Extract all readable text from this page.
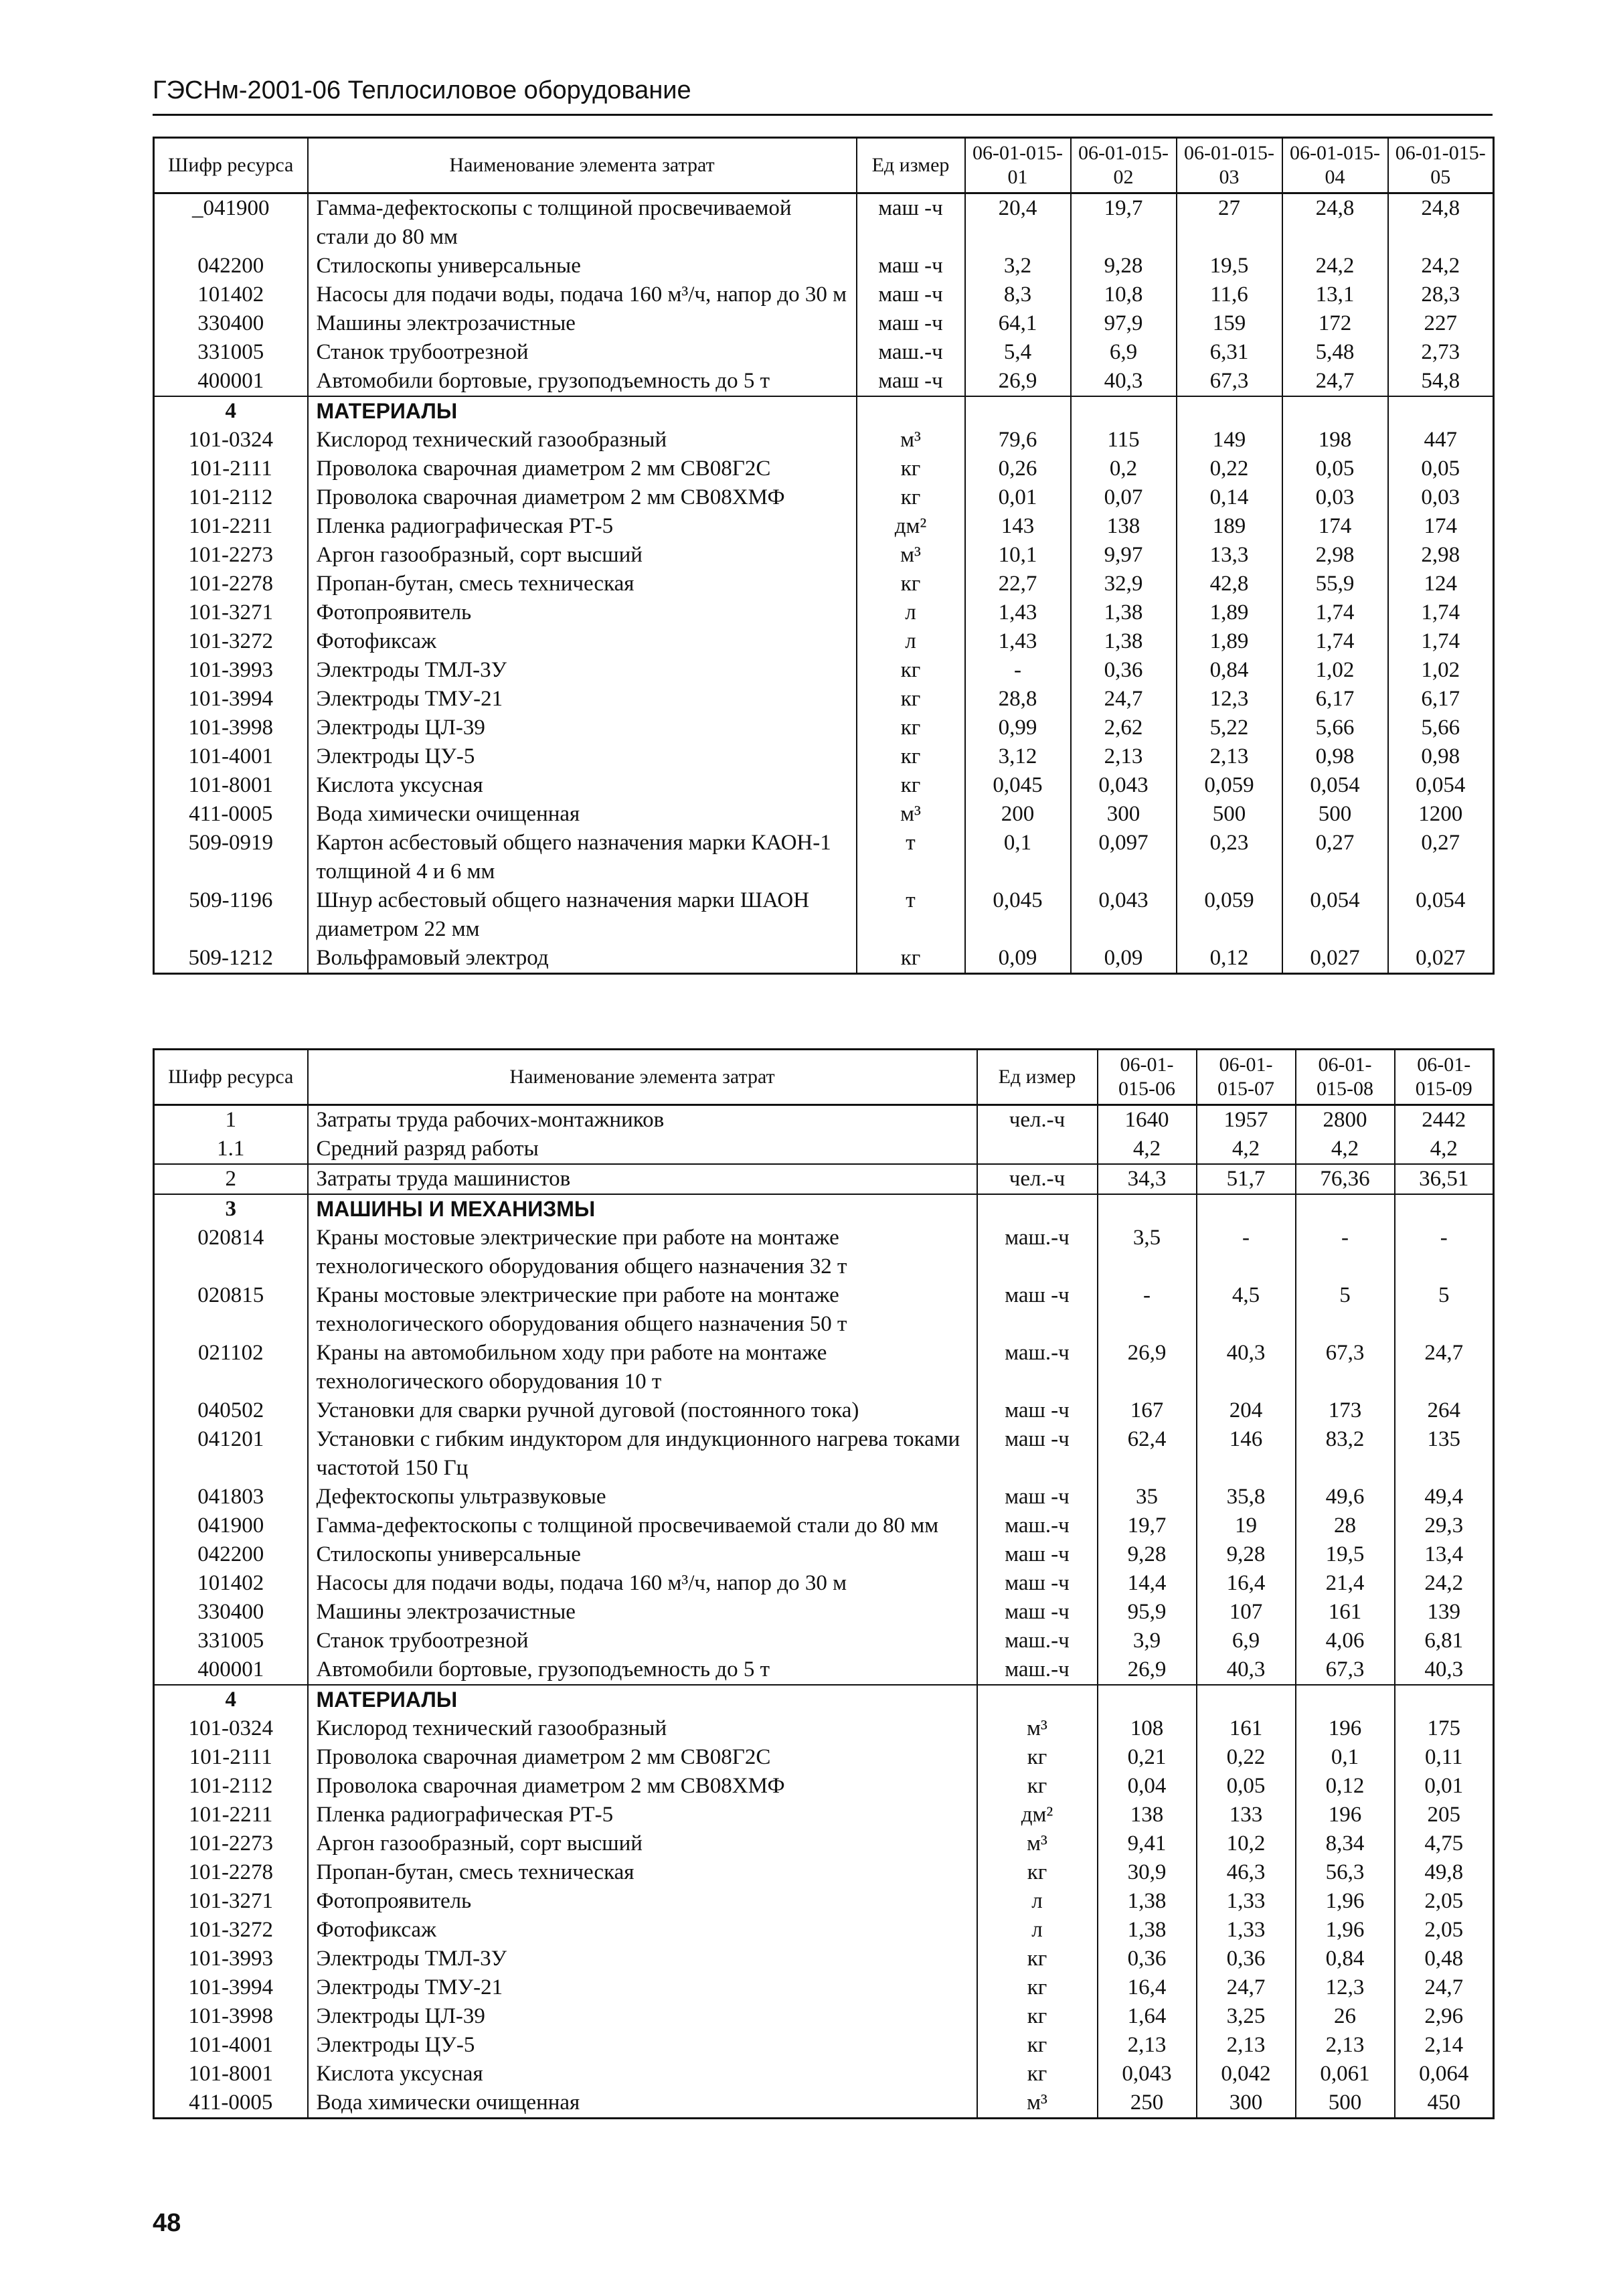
ГЭСНм-2001-06 Теплосиловое оборудование
Шифр ресурса	Наименование элемента затрат	Ед измер	06-01-015-01	06-01-015-02	06-01-015-03	06-01-015-04	06-01-015-05
_041900	Гамма-дефектоскопы с толщиной просвечиваемой стали до 80 мм	маш -ч	20,4	19,7	27	24,8	24,8
042200	Стилоскопы универсальные	маш -ч	3,2	9,28	19,5	24,2	24,2
101402	Насосы для подачи воды, подача 160 м³/ч, напор до 30 м	маш -ч	8,3	10,8	11,6	13,1	28,3
330400	Машины электрозачистные	маш -ч	64,1	97,9	159	172	227
331005	Станок трубоотрезной	маш.-ч	5,4	6,9	6,31	5,48	2,73
400001	Автомобили бортовые, грузоподъемность до 5 т	маш -ч	26,9	40,3	67,3	24,7	54,8
4	МАТЕРИАЛЫ						
101-0324	Кислород технический газообразный	м³	79,6	115	149	198	447
101-2111	Проволока сварочная диаметром 2 мм СВ08Г2С	кг	0,26	0,2	0,22	0,05	0,05
101-2112	Проволока сварочная диаметром 2 мм СВ08ХМФ	кг	0,01	0,07	0,14	0,03	0,03
101-2211	Пленка радиографическая РТ-5	дм²	143	138	189	174	174
101-2273	Аргон газообразный, сорт высший	м³	10,1	9,97	13,3	2,98	2,98
101-2278	Пропан-бутан, смесь техническая	кг	22,7	32,9	42,8	55,9	124
101-3271	Фотопроявитель	л	1,43	1,38	1,89	1,74	1,74
101-3272	Фотофиксаж	л	1,43	1,38	1,89	1,74	1,74
101-3993	Электроды ТМЛ-3У	кг	-	0,36	0,84	1,02	1,02
101-3994	Электроды ТМУ-21	кг	28,8	24,7	12,3	6,17	6,17
101-3998	Электроды ЦЛ-39	кг	0,99	2,62	5,22	5,66	5,66
101-4001	Электроды ЦУ-5	кг	3,12	2,13	2,13	0,98	0,98
101-8001	Кислота уксусная	кг	0,045	0,043	0,059	0,054	0,054
411-0005	Вода химически очищенная	м³	200	300	500	500	1200
509-0919	Картон асбестовый общего назначения марки КАОН-1 толщиной 4 и 6 мм	т	0,1	0,097	0,23	0,27	0,27
509-1196	Шнур асбестовый общего назначения марки ШАОН диаметром 22 мм	т	0,045	0,043	0,059	0,054	0,054
509-1212	Вольфрамовый электрод	кг	0,09	0,09	0,12	0,027	0,027
Шифр ресурса	Наименование элемента затрат	Ед измер	06-01-015-06	06-01-015-07	06-01-015-08	06-01-015-09
1	Затраты труда рабочих-монтажников	чел.-ч	1640	1957	2800	2442
1.1	Средний разряд работы		4,2	4,2	4,2	4,2
2	Затраты труда машинистов	чел.-ч	34,3	51,7	76,36	36,51
3	МАШИНЫ И МЕХАНИЗМЫ					
020814	Краны мостовые электрические при работе на монтаже технологического оборудования общего назначения 32 т	маш.-ч	3,5	-	-	-
020815	Краны мостовые электрические при работе на монтаже технологического оборудования общего назначения 50 т	маш -ч	-	4,5	5	5
021102	Краны на автомобильном ходу при работе на монтаже технологического оборудования 10 т	маш.-ч	26,9	40,3	67,3	24,7
040502	Установки для сварки ручной дуговой (постоянного тока)	маш -ч	167	204	173	264
041201	Установки с гибким индуктором для индукционного нагрева токами частотой 150 Гц	маш -ч	62,4	146	83,2	135
041803	Дефектоскопы ультразвуковые	маш -ч	35	35,8	49,6	49,4
041900	Гамма-дефектоскопы с толщиной просвечиваемой стали до 80 мм	маш.-ч	19,7	19	28	29,3
042200	Стилоскопы универсальные	маш -ч	9,28	9,28	19,5	13,4
101402	Насосы для подачи воды, подача 160 м³/ч, напор до 30 м	маш -ч	14,4	16,4	21,4	24,2
330400	Машины электрозачистные	маш -ч	95,9	107	161	139
331005	Станок трубоотрезной	маш.-ч	3,9	6,9	4,06	6,81
400001	Автомобили бортовые, грузоподъемность до 5 т	маш.-ч	26,9	40,3	67,3	40,3
4	МАТЕРИАЛЫ					
101-0324	Кислород технический газообразный	м³	108	161	196	175
101-2111	Проволока сварочная диаметром 2 мм СВ08Г2С	кг	0,21	0,22	0,1	0,11
101-2112	Проволока сварочная диаметром 2 мм СВ08ХМФ	кг	0,04	0,05	0,12	0,01
101-2211	Пленка радиографическая РТ-5	дм²	138	133	196	205
101-2273	Аргон газообразный, сорт высший	м³	9,41	10,2	8,34	4,75
101-2278	Пропан-бутан, смесь техническая	кг	30,9	46,3	56,3	49,8
101-3271	Фотопроявитель	л	1,38	1,33	1,96	2,05
101-3272	Фотофиксаж	л	1,38	1,33	1,96	2,05
101-3993	Электроды ТМЛ-3У	кг	0,36	0,36	0,84	0,48
101-3994	Электроды ТМУ-21	кг	16,4	24,7	12,3	24,7
101-3998	Электроды ЦЛ-39	кг	1,64	3,25	26	2,96
101-4001	Электроды ЦУ-5	кг	2,13	2,13	2,13	2,14
101-8001	Кислота уксусная	кг	0,043	0,042	0,061	0,064
411-0005	Вода химически очищенная	м³	250	300	500	450
48
